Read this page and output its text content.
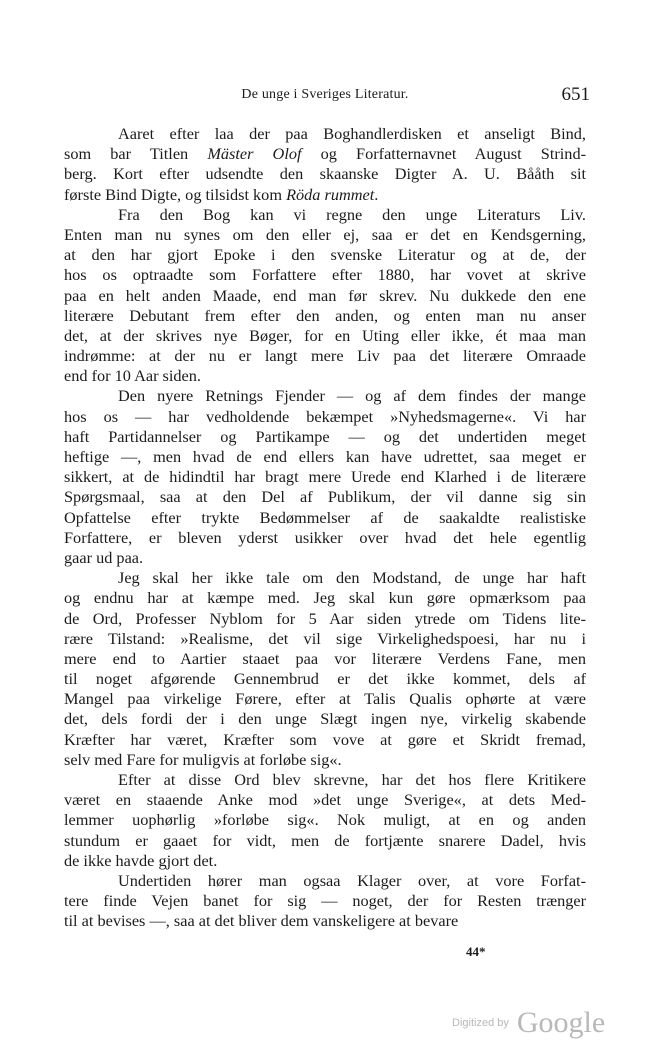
De unge i Sveriges Literatur.	651
Aaret efter laa der paa Boghandlerdisken et anseligt Bind,
som bar Titlen Mäster Olof og Forfatternavnet August Strind-
berg. Kort efter udsendte den skaanske Digter A. U. Bååth sit
første Bind Digte, og tilsidst kom Röda rummet.
Fra den Bog kan vi regne den unge Literaturs Liv.
Enten man nu synes om den eller ej, saa er det en Kendsgerning,
at den har gjort Epoke i den svenske Literatur og at de, der
hos os optraadte som Forfattere efter 1880, har vovet at skrive
paa en helt anden Maade, end man før skrev. Nu dukkede den ene
literære Debutant frem efter den anden, og enten man nu anser
det, at der skrives nye Bøger, for en Uting eller ikke, ét maa man
indrømme: at der nu er langt mere Liv paa det literære Omraade
end for 10 Aar siden.
Den nyere Retnings Fjender — og af dem findes der mange
hos os — har vedholdende bekæmpet »Nyhedsmagerne«. Vi har
haft Partidannelser og Partikampe — og det undertiden meget
heftige —, men hvad de end ellers kan have udrettet, saa meget er
sikkert, at de hidindtil har bragt mere Urede end Klarhed i de literære
Spørgsmaal, saa at den Del af Publikum, der vil danne sig sin
Opfattelse efter trykte Bedømmelser af de saakaldte realistiske
Forfattere, er bleven yderst usikker over hvad det hele egentlig
gaar ud paa.
Jeg skal her ikke tale om den Modstand, de unge har haft
og endnu har at kæmpe med. Jeg skal kun gøre opmærksom paa
de Ord, Professer Nyblom for 5 Aar siden ytrede om Tidens lite-
rære Tilstand: »Realisme, det vil sige Virkelighedspoesi, har nu i
mere end to Aartier staaet paa vor literære Verdens Fane, men
til noget afgørende Gennembrud er det ikke kommet, dels af
Mangel paa virkelige Førere, efter at Talis Qualis ophørte at være
det, dels fordi der i den unge Slægt ingen nye, virkelig skabende
Kræfter har været, Kræfter som vove at gøre et Skridt fremad,
selv med Fare for muligvis at forløbe sig«.
Efter at disse Ord blev skrevne, har det hos flere Kritikere
været en staaende Anke mod »det unge Sverige«, at dets Med-
lemmer uophørlig »forløbe sig«. Nok muligt, at en og anden
stundum er gaaet for vidt, men de fortjænte snarere Dadel, hvis
de ikke havde gjort det.
Undertiden hører man ogsaa Klager over, at vore Forfat-
tere finde Vejen banet for sig — noget, der for Resten trænger
til at bevises —, saa at det bliver dem vanskeligere at bevare
44*
Digitized by Google
